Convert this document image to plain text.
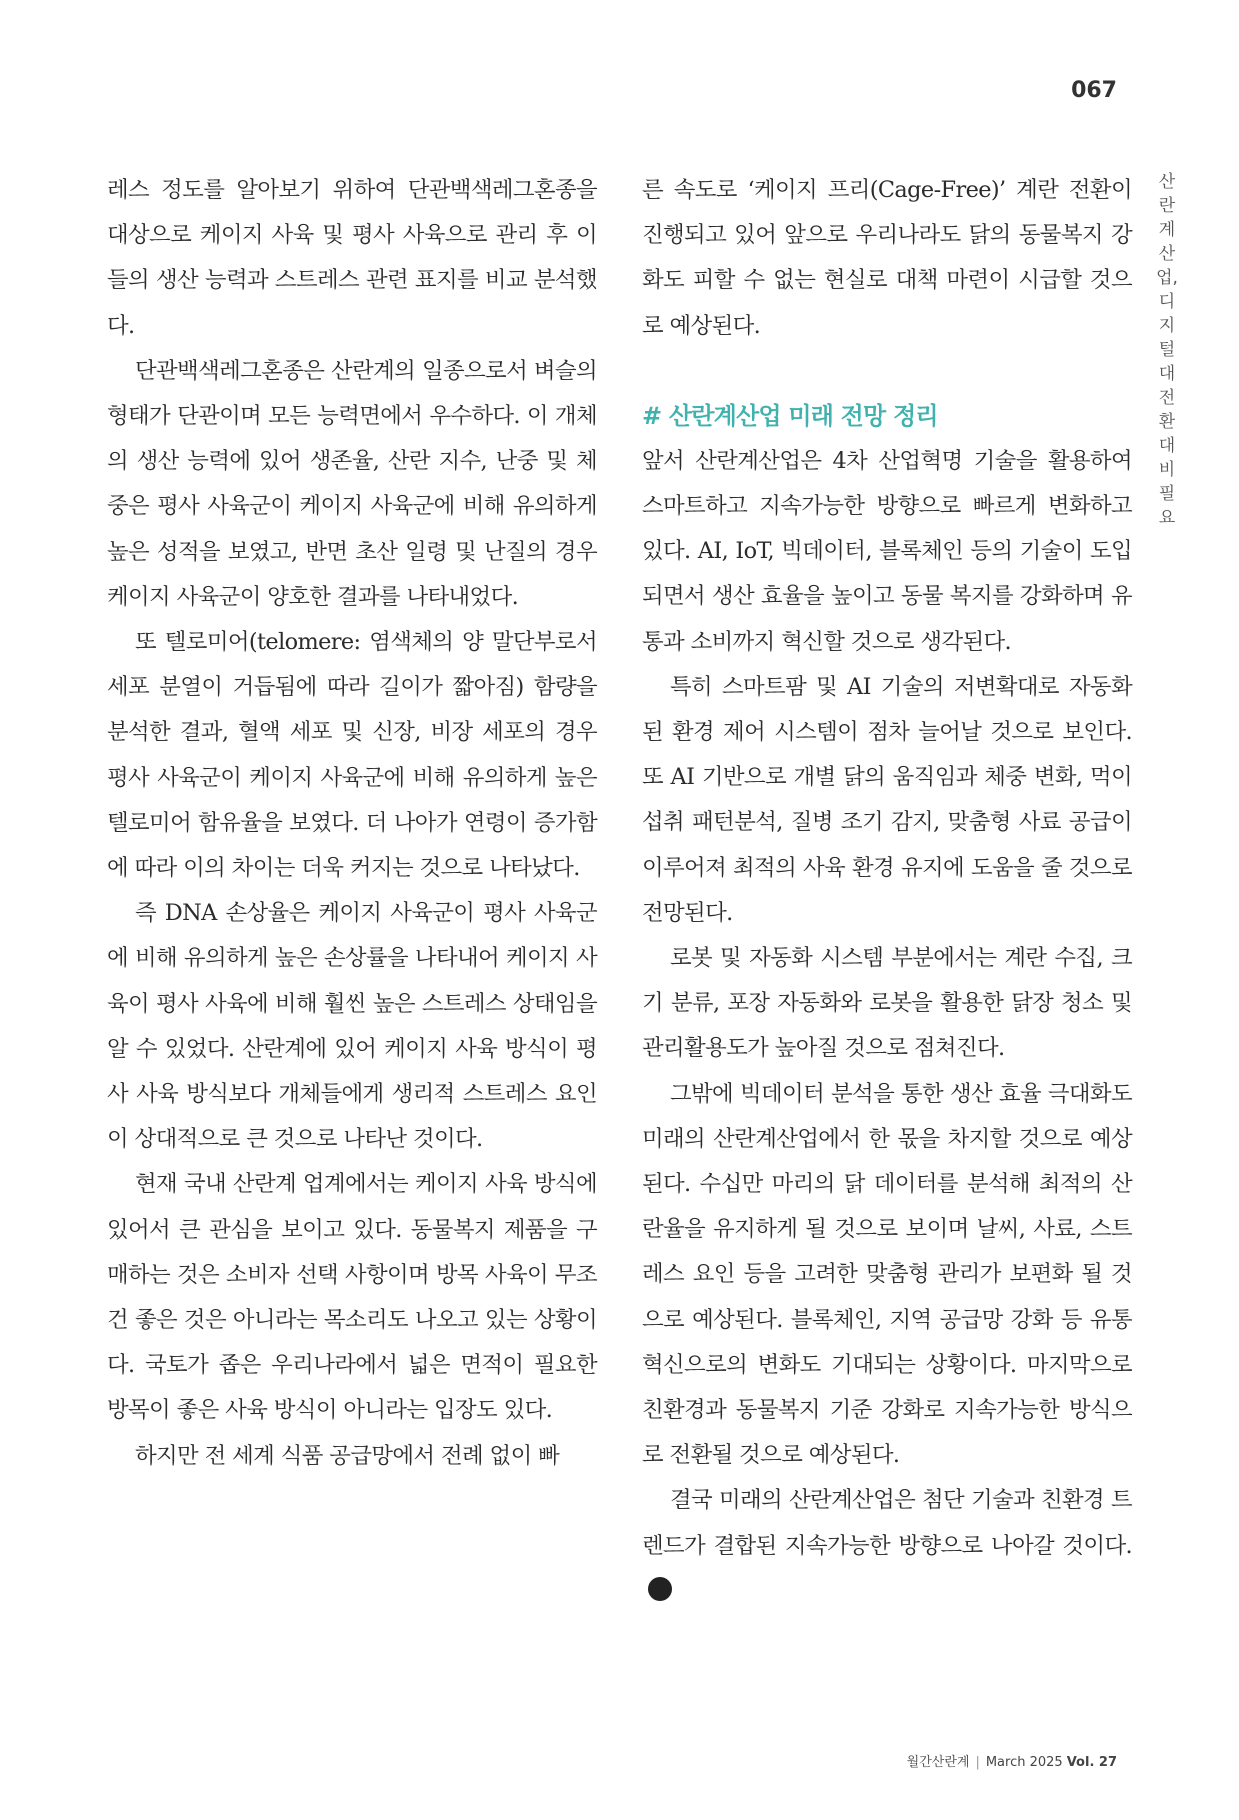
067

레스 정도를 알아보기 위하여 단관백색레그혼종을 대상으로 케이지 사육 및 평사 사육으로 관리 후 이들의 생산 능력과 스트레스 관련 표지를 비교 분석했다.

단관백색레그혼종은 산란계의 일종으로서 벼슬의 형태가 단관이며 모든 능력면에서 우수하다. 이 개체의 생산 능력에 있어 생존율, 산란 지수, 난중 및 체중은 평사 사육군이 케이지 사육군에 비해 유의하게 높은 성적을 보였고, 반면 초산 일령 및 난질의 경우 케이지 사육군이 양호한 결과를 나타내었다.

또 텔로미어(telomere: 염색체의 양 말단부로서 세포 분열이 거듭됨에 따라 길이가 짧아짐) 함량을 분석한 결과, 혈액 세포 및 신장, 비장 세포의 경우 평사 사육군이 케이지 사육군에 비해 유의하게 높은 텔로미어 함유율을 보였다. 더 나아가 연령이 증가함에 따라 이의 차이는 더욱 커지는 것으로 나타났다.

즉 DNA 손상율은 케이지 사육군이 평사 사육군에 비해 유의하게 높은 손상률을 나타내어 케이지 사육이 평사 사육에 비해 훨씬 높은 스트레스 상태임을 알 수 있었다. 산란계에 있어 케이지 사육 방식이 평사 사육 방식보다 개체들에게 생리적 스트레스 요인이 상대적으로 큰 것으로 나타난 것이다.

현재 국내 산란계 업계에서는 케이지 사육 방식에 있어서 큰 관심을 보이고 있다. 동물복지 제품을 구매하는 것은 소비자 선택 사항이며 방목 사육이 무조건 좋은 것은 아니라는 목소리도 나오고 있는 상황이다. 국토가 좁은 우리나라에서 넓은 면적이 필요한 방목이 좋은 사육 방식이 아니라는 입장도 있다.

하지만 전 세계 식품 공급망에서 전례 없이 빠

른 속도로 ‘케이지 프리(Cage-Free)’ 계란 전환이 진행되고 있어 앞으로 우리나라도 닭의 동물복지 강화도 피할 수 없는 현실로 대책 마련이 시급할 것으로 예상된다.

# 산란계산업 미래 전망 정리

앞서 산란계산업은 4차 산업혁명 기술을 활용하여 스마트하고 지속가능한 방향으로 빠르게 변화하고 있다. AI, IoT, 빅데이터, 블록체인 등의 기술이 도입되면서 생산 효율을 높이고 동물 복지를 강화하며 유통과 소비까지 혁신할 것으로 생각된다.

특히 스마트팜 및 AI 기술의 저변확대로 자동화된 환경 제어 시스템이 점차 늘어날 것으로 보인다. 또 AI 기반으로 개별 닭의 움직임과 체중 변화, 먹이 섭취 패턴분석, 질병 조기 감지, 맞춤형 사료 공급이 이루어져 최적의 사육 환경 유지에 도움을 줄 것으로 전망된다.

로봇 및 자동화 시스템 부분에서는 계란 수집, 크기 분류, 포장 자동화와 로봇을 활용한 닭장 청소 및 관리활용도가 높아질 것으로 점쳐진다.

그밖에 빅데이터 분석을 통한 생산 효율 극대화도 미래의 산란계산업에서 한 몫을 차지할 것으로 예상된다. 수십만 마리의 닭 데이터를 분석해 최적의 산란율을 유지하게 될 것으로 보이며 날씨, 사료, 스트레스 요인 등을 고려한 맞춤형 관리가 보편화 될 것으로 예상된다. 블록체인, 지역 공급망 강화 등 유통 혁신으로의 변화도 기대되는 상황이다. 마지막으로 친환경과 동물복지 기준 강화로 지속가능한 방식으로 전환될 것으로 예상된다.

결국 미래의 산란계산업은 첨단 기술과 친환경 트렌드가 결합된 지속가능한 방향으로 나아갈 것이다.

산란계산업, 디지털 대전환 대비 필요
월간산란계 | March 2025 Vol. 27
